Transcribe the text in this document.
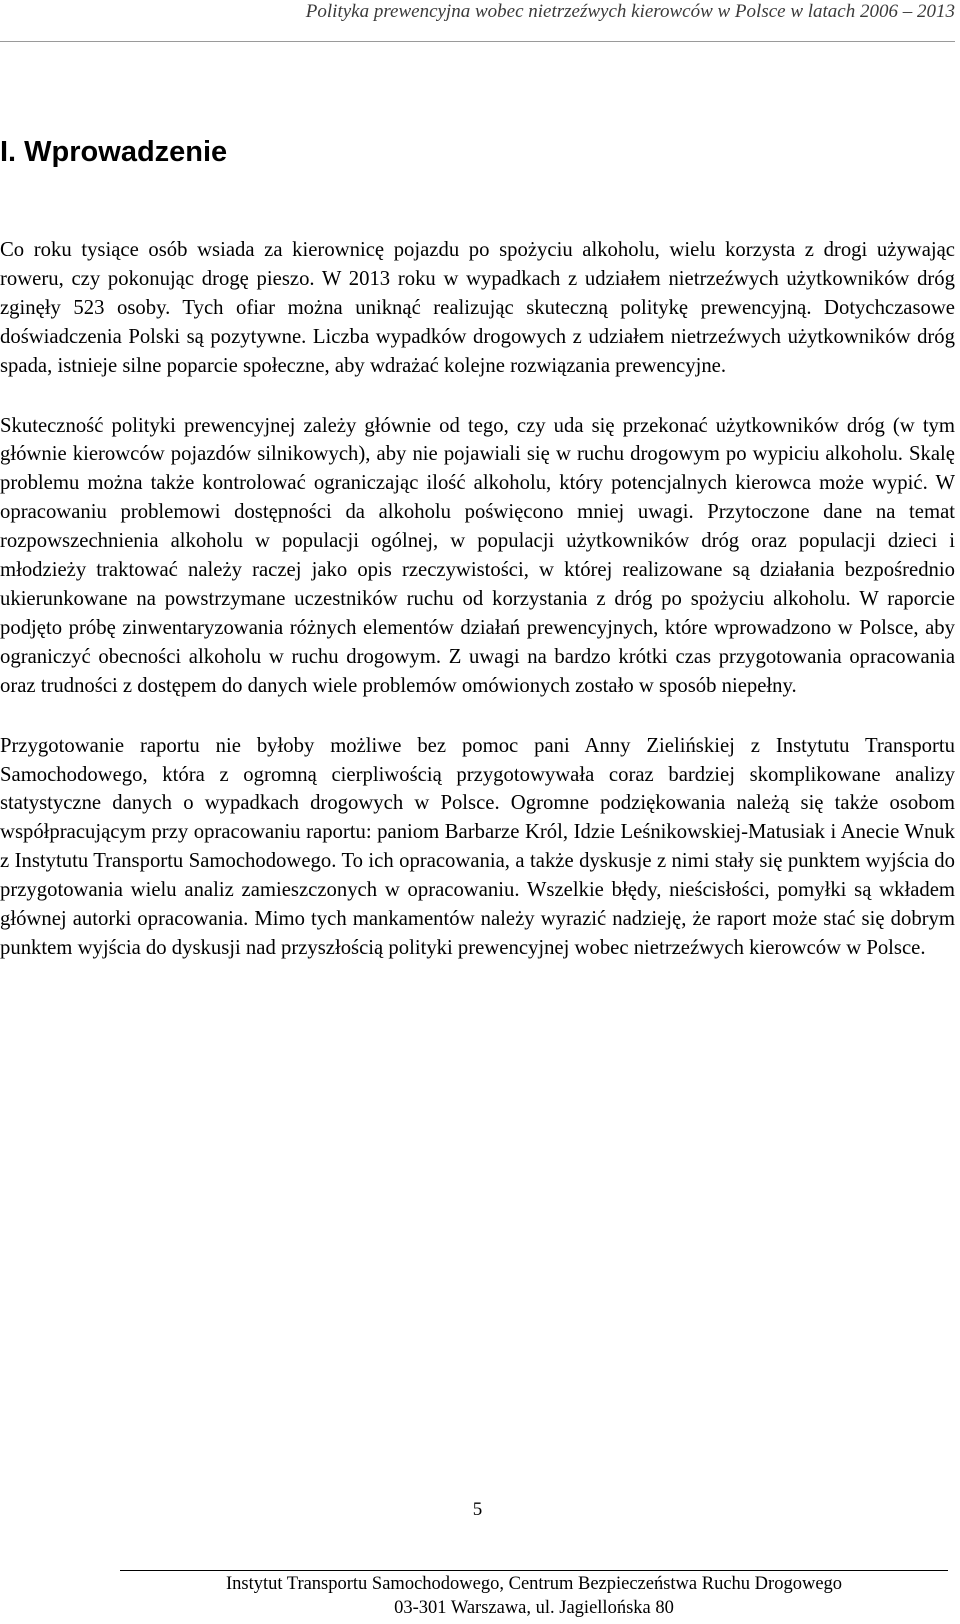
Polityka prewencyjna wobec nietrzeźwych kierowców w Polsce w latach 2006 – 2013
I. Wprowadzenie

Co roku tysiące osób wsiada za kierownicę pojazdu po spożyciu alkoholu, wielu korzysta z drogi używając roweru, czy pokonując drogę pieszo. W 2013 roku w wypadkach z udziałem nietrzeźwych użytkowników dróg zginęły 523 osoby. Tych ofiar można uniknąć realizując skuteczną politykę prewencyjną. Dotychczasowe doświadczenia Polski są pozytywne. Liczba wypadków drogowych z udziałem nietrzeźwych użytkowników dróg spada, istnieje silne poparcie społeczne, aby wdrażać kolejne rozwiązania prewencyjne.

Skuteczność polityki prewencyjnej zależy głównie od tego, czy uda się przekonać użytkowników dróg (w tym głównie kierowców pojazdów silnikowych), aby nie pojawiali się w ruchu drogowym po wypiciu alkoholu. Skalę problemu można także kontrolować ograniczając ilość alkoholu, który potencjalnych kierowca może wypić. W opracowaniu problemowi dostępności da alkoholu poświęcono mniej uwagi. Przytoczone dane na temat rozpowszechnienia alkoholu w populacji ogólnej, w populacji użytkowników dróg oraz populacji dzieci i młodzieży traktować należy raczej jako opis rzeczywistości, w której realizowane są działania bezpośrednio ukierunkowane na powstrzymane uczestników ruchu od korzystania z dróg po spożyciu alkoholu. W raporcie podjęto próbę zinwentaryzowania różnych elementów działań prewencyjnych, które wprowadzono w Polsce, aby ograniczyć obecności alkoholu w ruchu drogowym. Z uwagi na bardzo krótki czas przygotowania opracowania oraz trudności z dostępem do danych wiele problemów omówionych zostało w sposób niepełny.

Przygotowanie raportu nie byłoby możliwe bez pomoc pani Anny Zielińskiej z Instytutu Transportu Samochodowego, która z ogromną cierpliwością przygotowywała coraz bardziej skomplikowane analizy statystyczne danych o wypadkach drogowych w Polsce. Ogromne podziękowania należą się także osobom współpracującym przy opracowaniu raportu: paniom Barbarze Król, Idzie Leśnikowskiej-Matusiak i Anecie Wnuk z Instytutu Transportu Samochodowego. To ich opracowania, a także dyskusje z nimi stały się punktem wyjścia do przygotowania wielu analiz zamieszczonych w opracowaniu. Wszelkie błędy, nieścisłości, pomyłki są wkładem głównej autorki opracowania. Mimo tych mankamentów należy wyrazić nadzieję, że raport może stać się dobrym punktem wyjścia do dyskusji nad przyszłością polityki prewencyjnej wobec nietrzeźwych kierowców w Polsce.

5
Instytut Transportu Samochodowego, Centrum Bezpieczeństwa Ruchu Drogowego
03-301 Warszawa, ul. Jagiellońska 80
